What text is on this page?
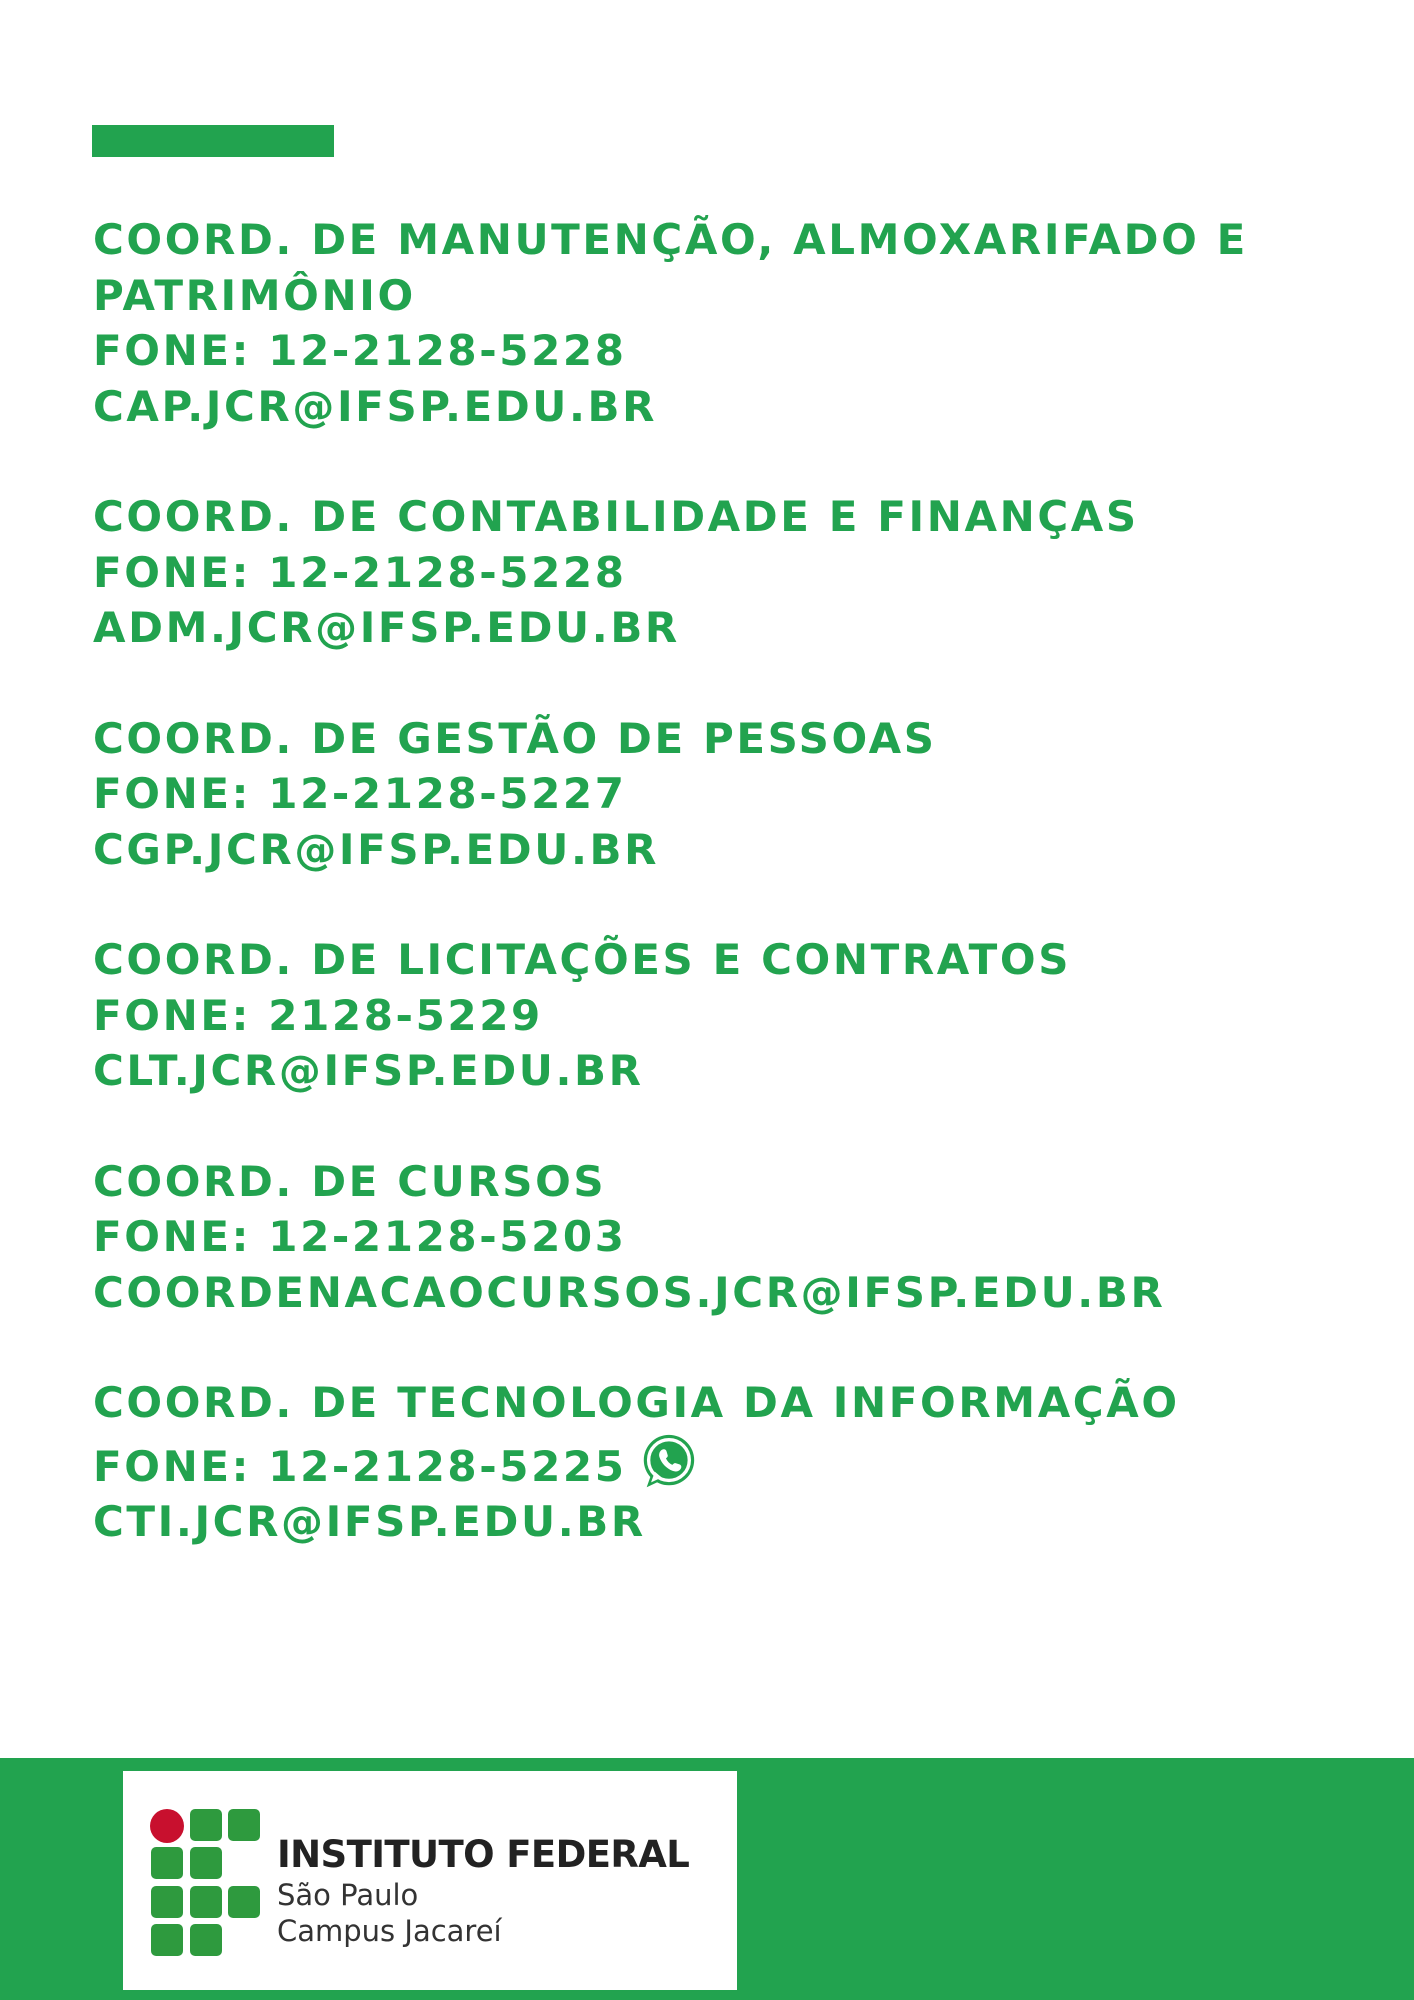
COORD. DE MANUTENÇÃO, ALMOXARIFADO E
PATRIMÔNIO
FONE: 12-2128-5228
CAP.JCR@IFSP.EDU.BR
COORD. DE CONTABILIDADE E FINANÇAS
FONE: 12-2128-5228
ADM.JCR@IFSP.EDU.BR
COORD. DE GESTÃO DE PESSOAS
FONE: 12-2128-5227
CGP.JCR@IFSP.EDU.BR
COORD. DE LICITAÇÕES E CONTRATOS
FONE: 2128-5229
CLT.JCR@IFSP.EDU.BR
COORD. DE CURSOS
FONE: 12-2128-5203
COORDENACAOCURSOS.JCR@IFSP.EDU.BR
COORD. DE TECNOLOGIA DA INFORMAÇÃO
FONE: 12-2128-5225
CTI.JCR@IFSP.EDU.BR
INSTITUTO FEDERAL
São Paulo
Campus Jacareí
